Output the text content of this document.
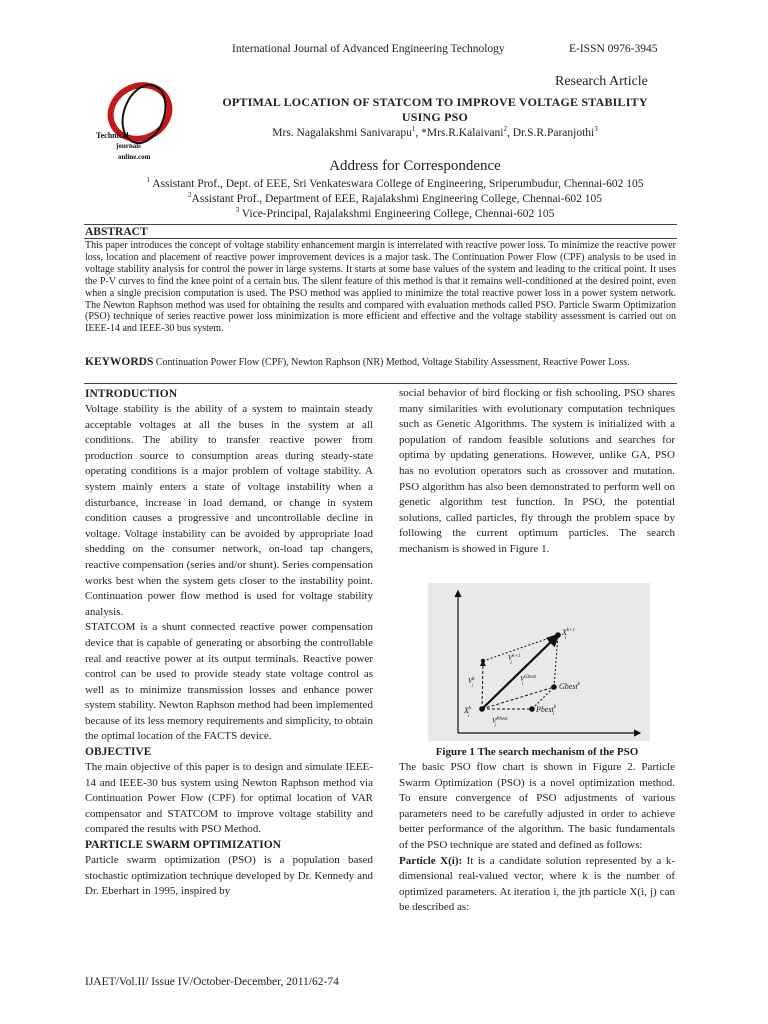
International Journal of Advanced Engineering Technology	E-ISSN 0976-3945
Technical
journals
online.com
Research Article
OPTIMAL LOCATION OF STATCOM TO IMPROVE VOLTAGE STABILITY
USING PSO
Mrs. Nagalakshmi Sanivarapu$^1$, *Mrs.R.Kalaivani$^2$, Dr.S.R.Paranjothi$^3$
Address for Correspondence
$^1$ Assistant Prof., Dept. of EEE, Sri Venkateswara College of Engineering, Sriperumbudur, Chennai-602 105
$^2$Assistant Prof., Department of EEE, Rajalakshmi Engineering College, Chennai-602 105
$^3$ Vice-Principal, Rajalakshmi Engineering College, Chennai-602 105
ABSTRACT
This paper introduces the concept of voltage stability enhancement margin is interrelated with reactive power loss. To minimize the reactive power loss, location and placement of reactive power improvement devices is a major task. The Continuation Power Flow (CPF) analysis to be used in voltage stability analysis for control the power in large systems. It starts at some base values of the system and leading to the critical point. It uses the P-V curves to find the knee point of a certain bus. The silent feature of this method is that it remains well-conditioned at the desired point, even when a single precision computation is used. The PSO method was applied to minimize the total reactive power loss in a power system network. The Newton Raphson method was used for obtaining the results and compared with evaluation methods called PSO. Particle Swarm Optimization (PSO) technique of series reactive power loss minimization is more efficient and effective and the voltage stability assessment is carried out on IEEE-14 and IEEE-30 bus system.
KEYWORDS Continuation Power Flow (CPF), Newton Raphson (NR) Method, Voltage Stability Assessment, Reactive Power Loss.
INTRODUCTION

Voltage stability is the ability of a system to maintain steady acceptable voltages at all the buses in the system at all conditions. The ability to transfer reactive power from production source to consumption areas during steady-state operating conditions is a major problem of voltage stability. A system mainly enters a state of voltage instability when a disturbance, increase in load demand, or change in system condition causes a progressive and uncontrollable decline in voltage. Voltage instability can be avoided by appropriate load shedding on the consumer network, on-load tap changers, reactive compensation (series and/or shunt). Series compensation works best when the system gets closer to the instability point. Continuation power flow method is used for voltage stability analysis.

STATCOM is a shunt connected reactive power compensation device that is capable of generating or absorbing the controllable real and reactive power at its output terminals. Reactive power control can be used to provide steady state voltage control as well as to minimize transmission losses and enhance power system stability. Newton Raphson method had been implemented because of its less memory requirements and simplicity, to obtain the optimal location of the FACTS device.

OBJECTIVE

The main objective of this paper is to design and simulate IEEE-14 and IEEE-30 bus system using Newton Raphson method via Continuation Power Flow (CPF) for optimal location of VAR compensator and STATCOM to improve voltage stability and compared the results with PSO Method.

PARTICLE SWARM OPTIMIZATION

Particle swarm optimization (PSO) is a population based stochastic optimization technique developed by Dr. Kennedy and Dr. Eberhart in 1995, inspired by

social behavior of bird flocking or fish schooling. PSO shares many similarities with evolutionary computation techniques such as Genetic Algorithms. The system is initialized with a population of random feasible solutions and searches for optima by updating generations. However, unlike GA, PSO has no evolution operators such as crossover and mutation. PSO algorithm has also been demonstrated to perform well on genetic algorithm test function. In PSO, the potential solutions, called particles, fly through the problem space by following the current optimum particles. The search mechanism is showed in Figure 1.

$X^{k+1}$ i
$X^k$ i
$V^{k+1}$ i
$V^k$ i
$V^{Gbest}$ i
$V^{Pbest}$ i
Gbest$^k$
Pbest$^k$ i
Figure 1 The search mechanism of the PSO

The basic PSO flow chart is shown in Figure 2. Particle Swarm Optimization (PSO) is a novel optimization method. To ensure convergence of PSO adjustments of various parameters need to be carefully adjusted in order to achieve better performance of the algorithm. The basic fundamentals of the PSO technique are stated and defined as follows:

Particle X(i): It is a candidate solution represented by a k-dimensional real-valued vector, where k is the number of optimized parameters. At iteration i, the jth particle X(i, j) can be described as:

IJAET/Vol.II/ Issue IV/October-December, 2011/62-74
